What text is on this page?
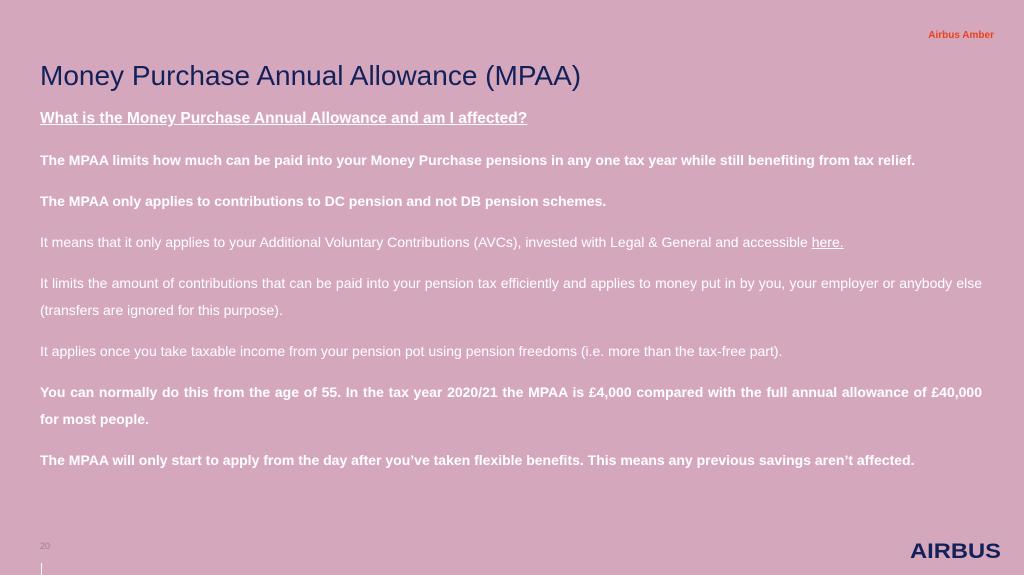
Airbus Amber
Money Purchase Annual Allowance (MPAA)
What is the Money Purchase Annual Allowance and am I affected?

The MPAA limits how much can be paid into your Money Purchase pensions in any one tax year while still benefiting from tax relief.

The MPAA only applies to contributions to DC pension and not DB pension schemes.

It means that it only applies to your Additional Voluntary Contributions (AVCs), invested with Legal & General and accessible here.

It limits the amount of contributions that can be paid into your pension tax efficiently and applies to money put in by you, your employer or anybody else (transfers are ignored for this purpose).

It applies once you take taxable income from your pension pot using pension freedoms (i.e. more than the tax-free part).

You can normally do this from the age of 55. In the tax year 2020/21 the MPAA is £4,000 compared with the full annual allowance of £40,000 for most people.

The MPAA will only start to apply from the day after you’ve taken flexible benefits. This means any previous savings aren’t affected.

20	AIRBUS
